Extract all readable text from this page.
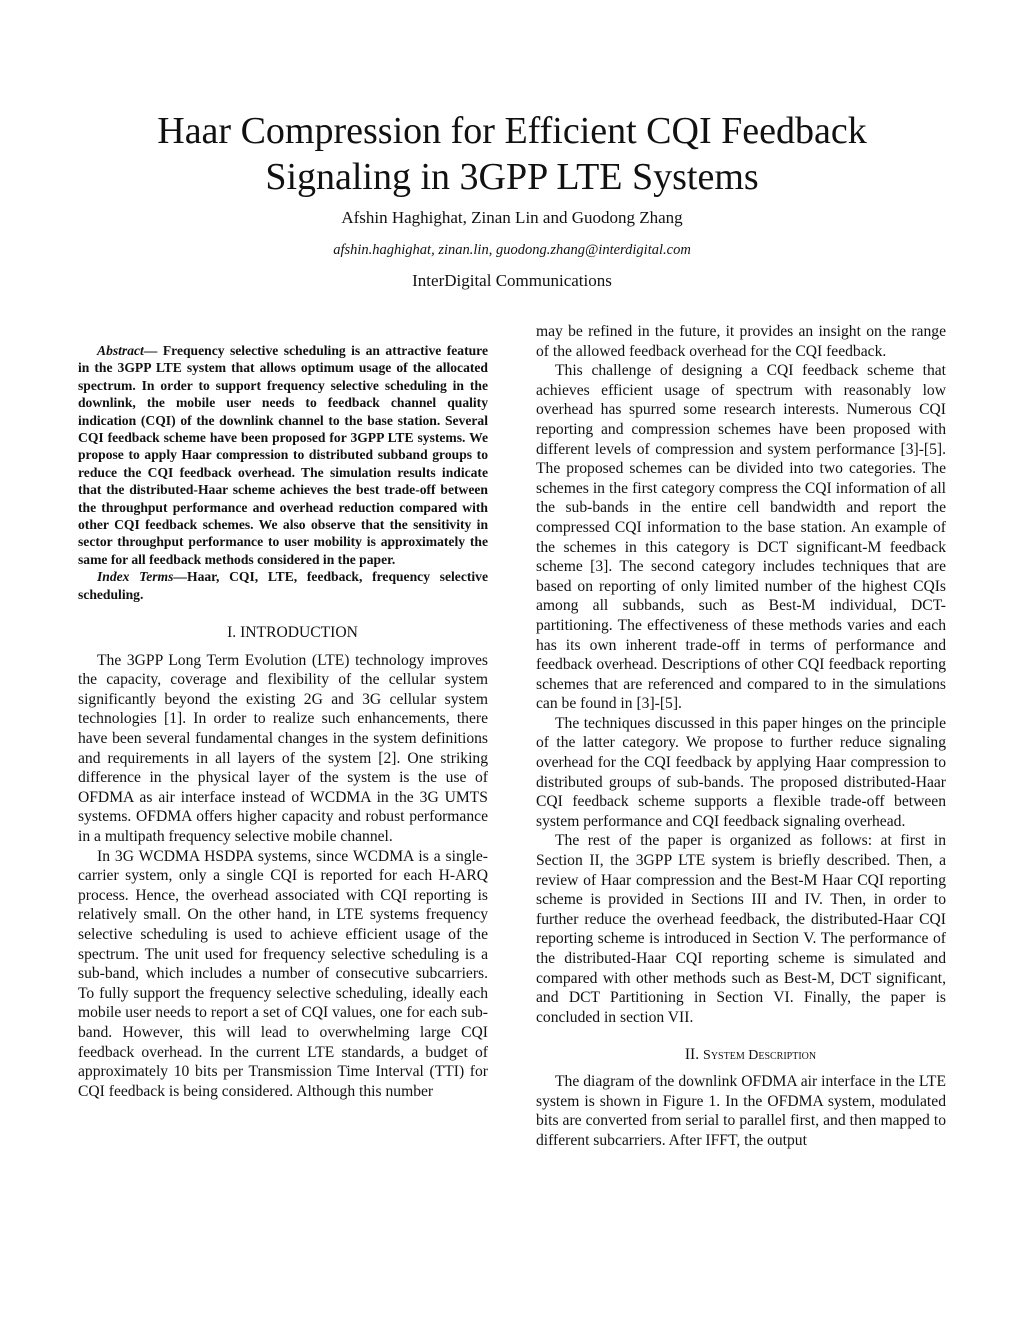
Haar Compression for Efficient CQI Feedback
Signaling in 3GPP LTE Systems
Afshin Haghighat, Zinan Lin and Guodong Zhang
afshin.haghighat, zinan.lin, guodong.zhang@interdigital.com
InterDigital Communications

Abstract— Frequency selective scheduling is an attractive feature in the 3GPP LTE system that allows optimum usage of the allocated spectrum. In order to support frequency selective scheduling in the downlink, the mobile user needs to feedback channel quality indication (CQI) of the downlink channel to the base station. Several CQI feedback scheme have been proposed for 3GPP LTE systems. We propose to apply Haar compression to distributed subband groups to reduce the CQI feedback overhead. The simulation results indicate that the distributed-Haar scheme achieves the best trade-off between the throughput performance and overhead reduction compared with other CQI feedback schemes. We also observe that the sensitivity in sector throughput performance to user mobility is approximately the same for all feedback methods considered in the paper.

Index Terms—Haar, CQI, LTE, feedback, frequency selective scheduling.

I. INTRODUCTION

The 3GPP Long Term Evolution (LTE) technology improves the capacity, coverage and flexibility of the cellular system significantly beyond the existing 2G and 3G cellular system technologies [1]. In order to realize such enhancements, there have been several fundamental changes in the system definitions and requirements in all layers of the system [2]. One striking difference in the physical layer of the system is the use of OFDMA as air interface instead of WCDMA in the 3G UMTS systems. OFDMA offers higher capacity and robust performance in a multipath frequency selective mobile channel.

In 3G WCDMA HSDPA systems, since WCDMA is a single-carrier system, only a single CQI is reported for each H-ARQ process. Hence, the overhead associated with CQI reporting is relatively small. On the other hand, in LTE systems frequency selective scheduling is used to achieve efficient usage of the spectrum. The unit used for frequency selective scheduling is a sub-band, which includes a number of consecutive subcarriers. To fully support the frequency selective scheduling, ideally each mobile user needs to report a set of CQI values, one for each sub-band. However, this will lead to overwhelming large CQI feedback overhead. In the current LTE standards, a budget of approximately 10 bits per Transmission Time Interval (TTI) for CQI feedback is being considered. Although this number

may be refined in the future, it provides an insight on the range of the allowed feedback overhead for the CQI feedback.

This challenge of designing a CQI feedback scheme that achieves efficient usage of spectrum with reasonably low overhead has spurred some research interests. Numerous CQI reporting and compression schemes have been proposed with different levels of compression and system performance [3]-[5]. The proposed schemes can be divided into two categories. The schemes in the first category compress the CQI information of all the sub-bands in the entire cell bandwidth and report the compressed CQI information to the base station. An example of the schemes in this category is DCT significant-M feedback scheme [3]. The second category includes techniques that are based on reporting of only limited number of the highest CQIs among all subbands, such as Best-M individual, DCT-partitioning. The effectiveness of these methods varies and each has its own inherent trade-off in terms of performance and feedback overhead. Descriptions of other CQI feedback reporting schemes that are referenced and compared to in the simulations can be found in [3]-[5].

The techniques discussed in this paper hinges on the principle of the latter category. We propose to further reduce signaling overhead for the CQI feedback by applying Haar compression to distributed groups of sub-bands. The proposed distributed-Haar CQI feedback scheme supports a flexible trade-off between system performance and CQI feedback signaling overhead.

The rest of the paper is organized as follows: at first in Section II, the 3GPP LTE system is briefly described. Then, a review of Haar compression and the Best-M Haar CQI reporting scheme is provided in Sections III and IV. Then, in order to further reduce the overhead feedback, the distributed-Haar CQI reporting scheme is introduced in Section V. The performance of the distributed-Haar CQI reporting scheme is simulated and compared with other methods such as Best-M, DCT significant, and DCT Partitioning in Section VI. Finally, the paper is concluded in section VII.

II. System Description

The diagram of the downlink OFDMA air interface in the LTE system is shown in Figure 1. In the OFDMA system, modulated bits are converted from serial to parallel first, and then mapped to different subcarriers. After IFFT, the output
